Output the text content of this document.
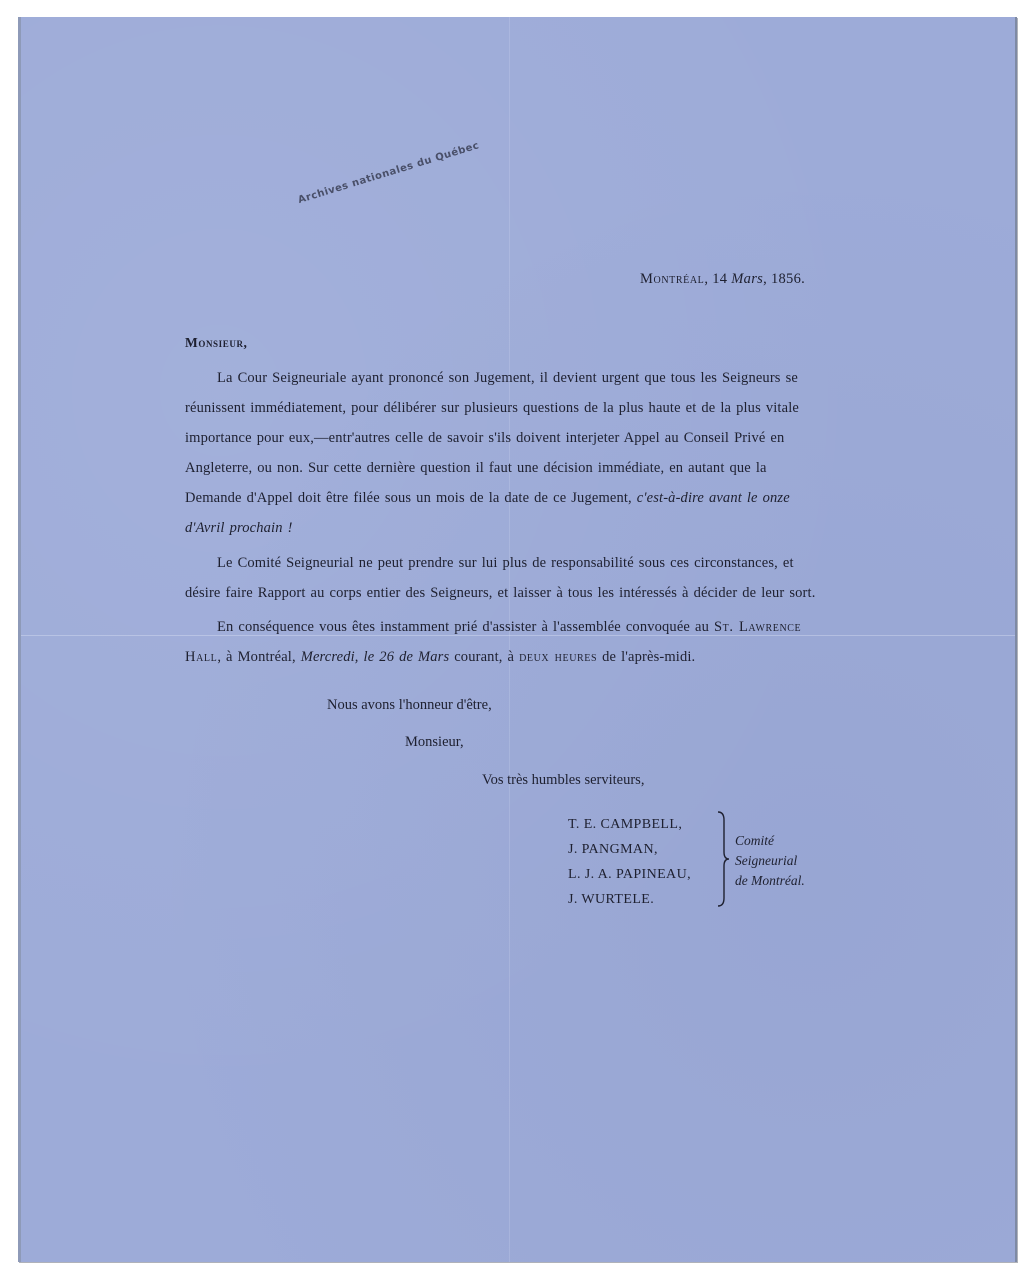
Archives nationales du Québec
Montréal, 14 Mars, 1856.
Monsieur,
La Cour Seigneuriale ayant prononcé son Jugement, il devient urgent que tous les Seigneurs se
réunissent immédiatement, pour délibérer sur plusieurs questions de la plus haute et de la plus vitale
importance pour eux,—entr'autres celle de savoir s'ils doivent interjeter Appel au Conseil Privé en
Angleterre, ou non. Sur cette dernière question il faut une décision immédiate, en autant que la
Demande d'Appel doit être filée sous un mois de la date de ce Jugement, c'est-à-dire avant le onze
d'Avril prochain !
Le Comité Seigneurial ne peut prendre sur lui plus de responsabilité sous ces circonstances, et
désire faire Rapport au corps entier des Seigneurs, et laisser à tous les intéressés à décider de leur sort.
En conséquence vous êtes instamment prié d'assister à l'assemblée convoquée au St. Lawrence
Hall, à Montréal, Mercredi, le 26 de Mars courant, à deux heures de l'après-midi.
Nous avons l'honneur d'être,
Monsieur,
Vos très humbles serviteurs,
T. E. CAMPBELL,
J. PANGMAN,
L. J. A. PAPINEAU,
J. WURTELE.
Comité
Seigneurial
de Montréal.
